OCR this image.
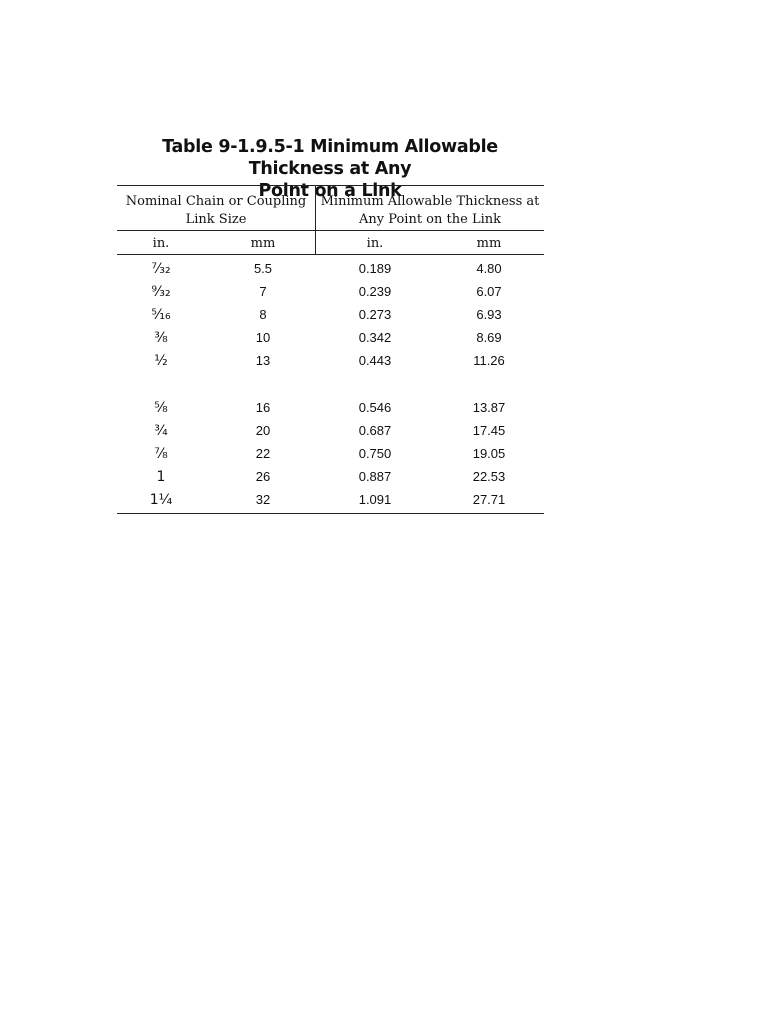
Table 9-1.9.5-1 Minimum Allowable Thickness at Any
Point on a Link
Nominal Chain or Coupling
Link Size
Minimum Allowable Thickness at
Any Point on the Link
in.	mm	in.	mm
⁷⁄₃₂	5.5	0.189	4.80
⁹⁄₃₂	7	0.239	6.07
⁵⁄₁₆	8	0.273	6.93
³⁄₈	10	0.342	8.69
¹⁄₂	13	0.443	11.26
⁵⁄₈	16	0.546	13.87
³⁄₄	20	0.687	17.45
⁷⁄₈	22	0.750	19.05
1	26	0.887	22.53
1¹⁄₄	32	1.091	27.71
